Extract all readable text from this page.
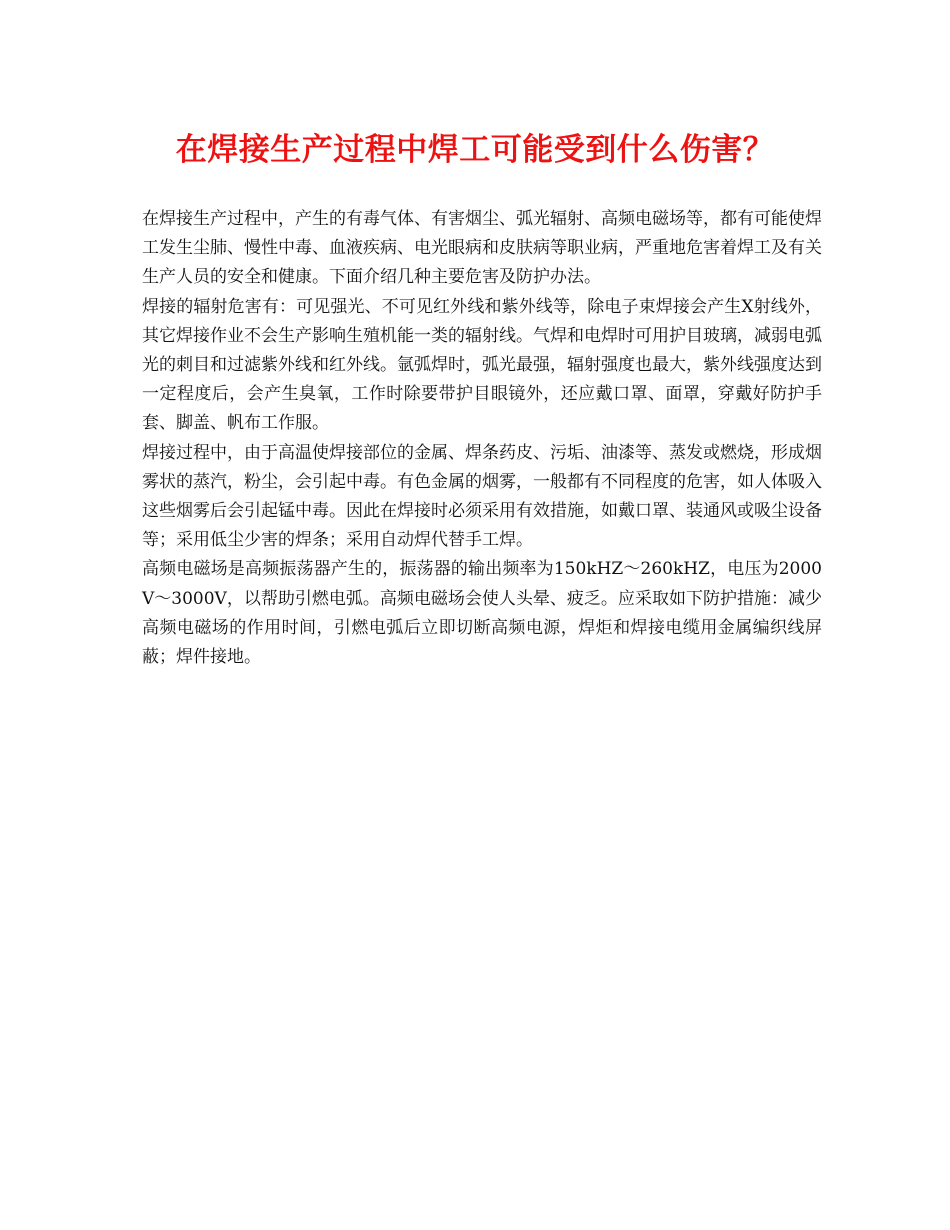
在焊接生产过程中焊工可能受到什么伤害？

在焊接生产过程中，产生的有毒气体、有害烟尘、弧光辐射、高频电磁场等，都有可能使焊工发生尘肺、慢性中毒、血液疾病、电光眼病和皮肤病等职业病，严重地危害着焊工及有关生产人员的安全和健康。下面介绍几种主要危害及防护办法。

焊接的辐射危害有：可见强光、不可见红外线和紫外线等，除电子束焊接会产生X射线外，其它焊接作业不会生产影响生殖机能一类的辐射线。气焊和电焊时可用护目玻璃，减弱电弧光的刺目和过滤紫外线和红外线。氩弧焊时，弧光最强，辐射强度也最大，紫外线强度达到一定程度后，会产生臭氧，工作时除要带护目眼镜外，还应戴口罩、面罩，穿戴好防护手套、脚盖、帆布工作服。

焊接过程中，由于高温使焊接部位的金属、焊条药皮、污垢、油漆等、蒸发或燃烧，形成烟雾状的蒸汽，粉尘，会引起中毒。有色金属的烟雾，一般都有不同程度的危害，如人体吸入这些烟雾后会引起锰中毒。因此在焊接时必须采用有效措施，如戴口罩、装通风或吸尘设备等；采用低尘少害的焊条；采用自动焊代替手工焊。

高频电磁场是高频振荡器产生的，振荡器的输出频率为150kHZ～260kHZ，电压为2000V～3000V，以帮助引燃电弧。高频电磁场会使人头晕、疲乏。应采取如下防护措施：减少高频电磁场的作用时间，引燃电弧后立即切断高频电源，焊炬和焊接电缆用金属编织线屏蔽；焊件接地。
